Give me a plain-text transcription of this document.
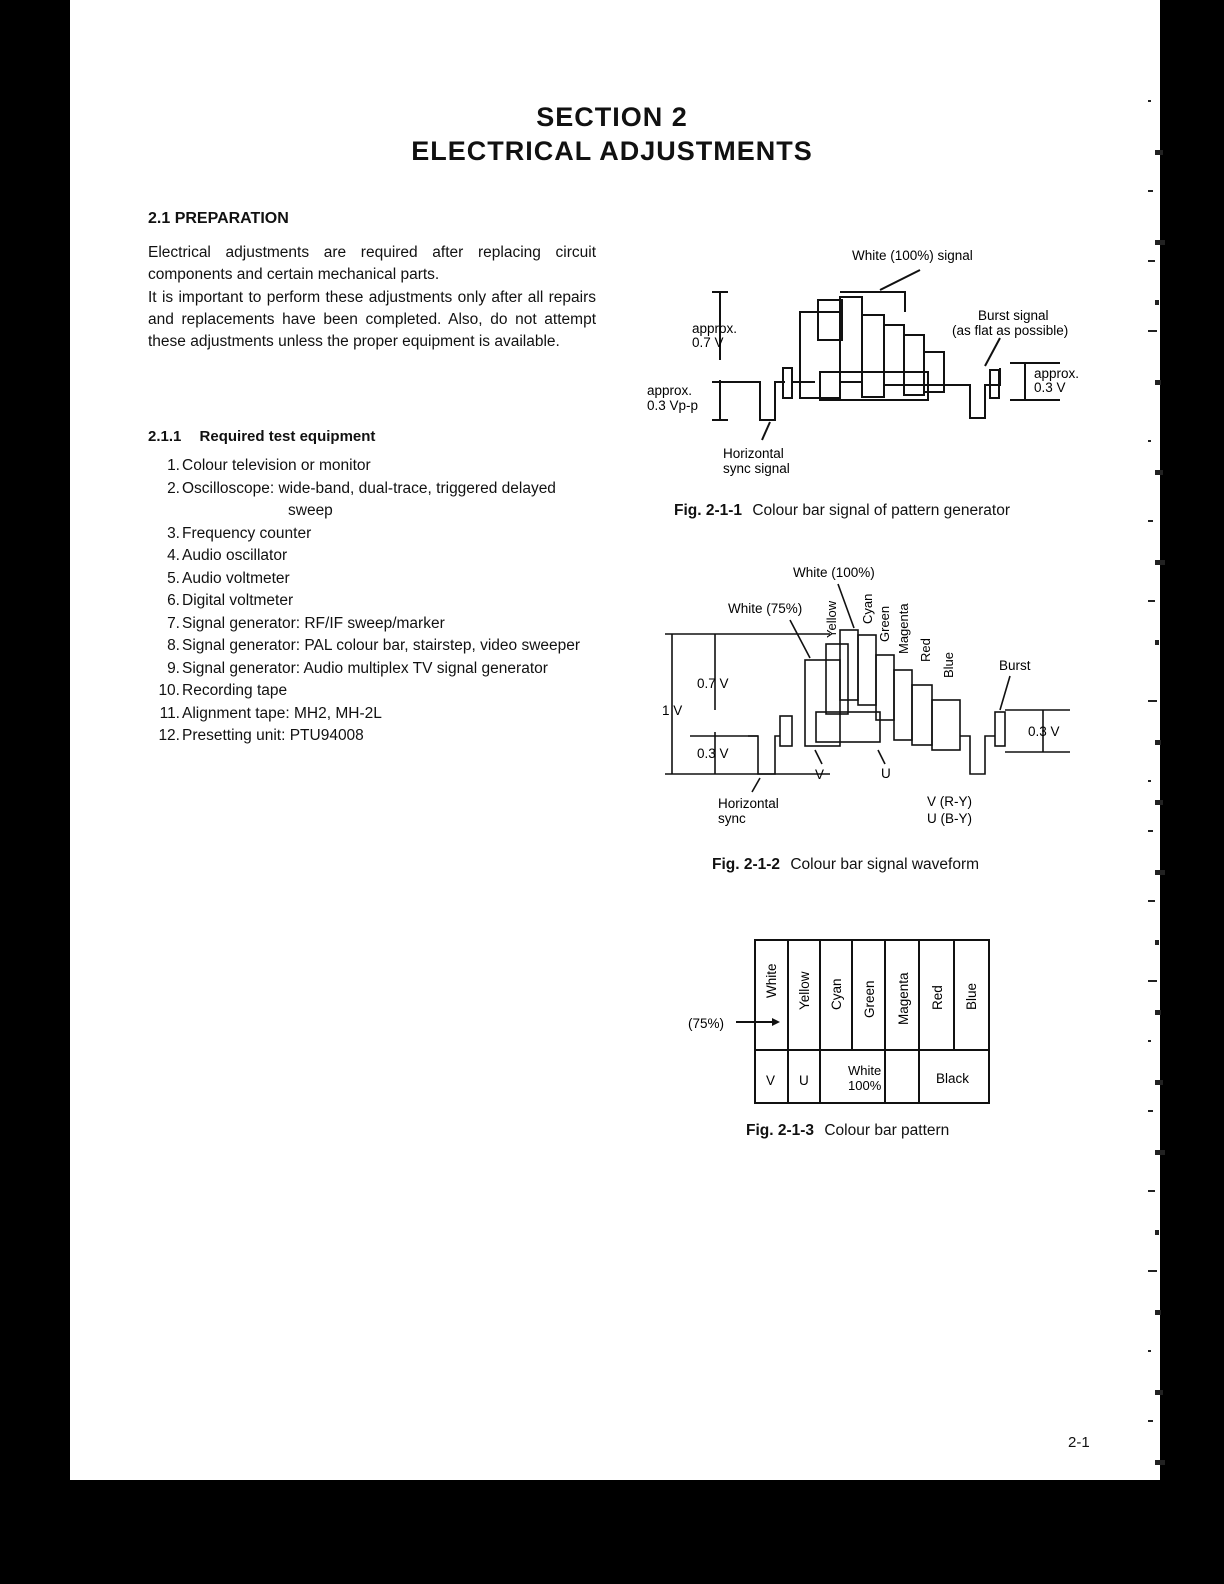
SECTION 2
ELECTRICAL ADJUSTMENTS
2.1 PREPARATION
Electrical adjustments are required after replacing circuit components and certain mechanical parts.
It is important to perform these adjustments only after all repairs and replacements have been completed. Also, do not attempt these adjustments unless the proper equipment is available.
2.1.1 Required test equipment
1. Colour television or monitor
2. Oscilloscope: wide-band, dual-trace, triggered delayed
sweep
3. Frequency counter
4. Audio oscillator
5. Audio voltmeter
6. Digital voltmeter
7. Signal generator: RF/IF sweep/marker
8. Signal generator: PAL colour bar, stairstep, video sweeper
9. Signal generator: Audio multiplex TV signal generator
10. Recording tape
11. Alignment tape: MH2, MH-2L
12. Presetting unit: PTU94008
White (100%) signal
Burst signal
(as flat as possible)
approx.
0.7 V
approx.
0.3 Vp-p
approx.
0.3 V
Horizontal
sync signal
Fig. 2-1-1 Colour bar signal of pattern generator
White (100%)
White (75%) Yellow Cyan Green Magenta Red
Blue	Burst
0.7 V
1 V
0.3 V
0.3 V
V	U
Horizontal
sync
V (R-Y)
U (B-Y)
Fig. 2-1-2 Colour bar signal waveform
White Yellow Cyan Green Magenta Red Blue
(75%)
V U
White
100%	Black
Fig. 2-1-3 Colour bar pattern
2-1
